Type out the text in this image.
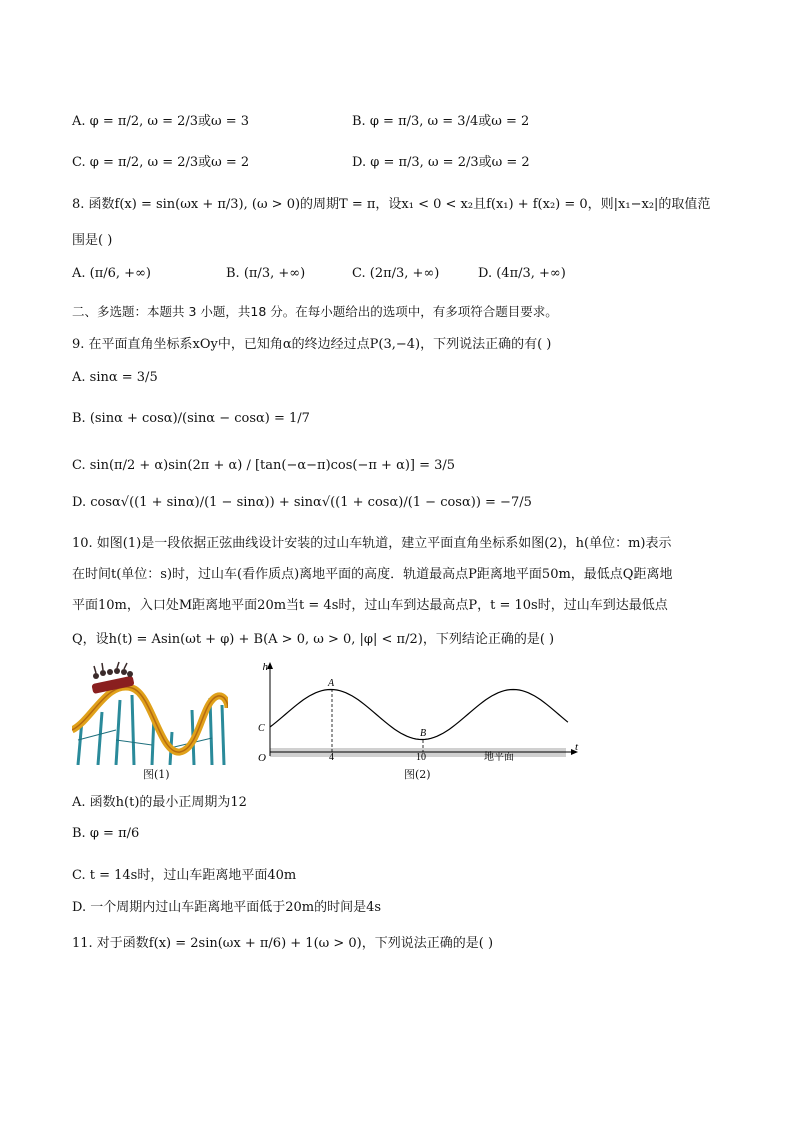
A. φ = π/2, ω = 2/3或ω = 3	B. φ = π/3, ω = 3/4或ω = 2
C. φ = π/2, ω = 2/3或ω = 2	D. φ = π/3, ω = 2/3或ω = 2
8. 函数f(x) = sin(ωx + π/3), (ω > 0)的周期T = π，设x₁ < 0 < x₂且f(x₁) + f(x₂) = 0，则|x₁−x₂|的取值范
围是( )
A. (π/6, +∞)	B. (π/3, +∞)	C. (2π/3, +∞)	D. (4π/3, +∞)
二、多选题：本题共 3 小题，共18 分。在每小题给出的选项中，有多项符合题目要求。
9. 在平面直角坐标系xOy中，已知角α的终边经过点P(3,−4)，下列说法正确的有( )
A. sinα = 3/5
B. (sinα + cosα)/(sinα − cosα) = 1/7
C. sin(π/2 + α)sin(2π + α) / [tan(−α−π)cos(−π + α)] = 3/5
D. cosα√((1 + sinα)/(1 − sinα)) + sinα√((1 + cosα)/(1 − cosα)) = −7/5
10. 如图(1)是一段依据正弦曲线设计安装的过山车轨道，建立平面直角坐标系如图(2)，h(单位：m)表示
在时间t(单位：s)时，过山车(看作质点)离地平面的高度．轨道最高点P距离地平面50m，最低点Q距离地
平面10m，入口处M距离地平面20m当t = 4s时，过山车到达最高点P，t = 10s时，过山车到达最低点
Q，设h(t) = Asin(ωt + φ) + B(A > 0, ω > 0, |φ| < π/2)，下列结论正确的是( )
图(1)
h
t
O
A
B
C
4	10	地平面
图(2)
A. 函数h(t)的最小正周期为12
B. φ = π/6
C. t = 14s时，过山车距离地平面40m
D. 一个周期内过山车距离地平面低于20m的时间是4s
11. 对于函数f(x) = 2sin(ωx + π/6) + 1(ω > 0)，下列说法正确的是( )
